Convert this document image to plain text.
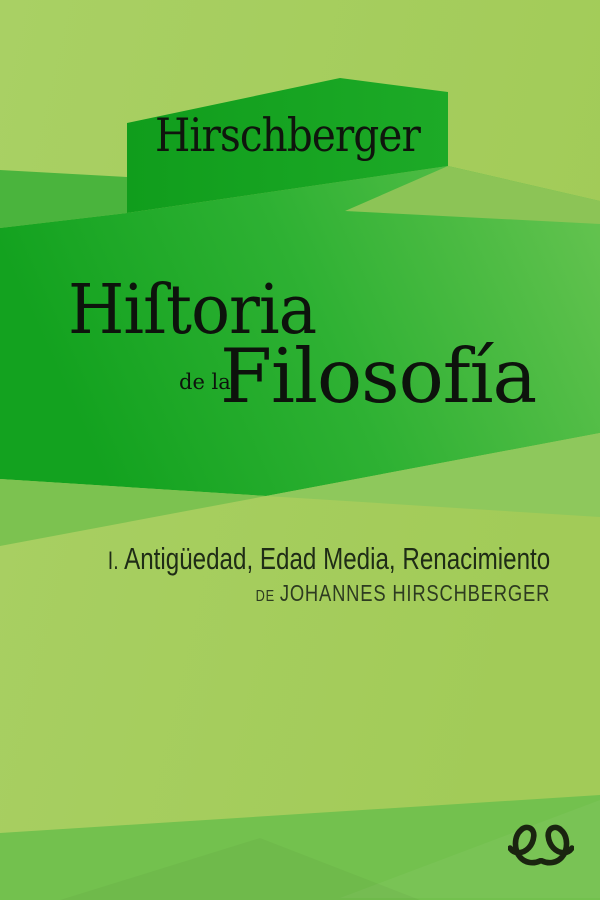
Hirschberger
Hiſtoria
de la
Filosofía
I. Antigüedad, Edad Media, Renacimiento
DE JOHANNES HIRSCHBERGER
